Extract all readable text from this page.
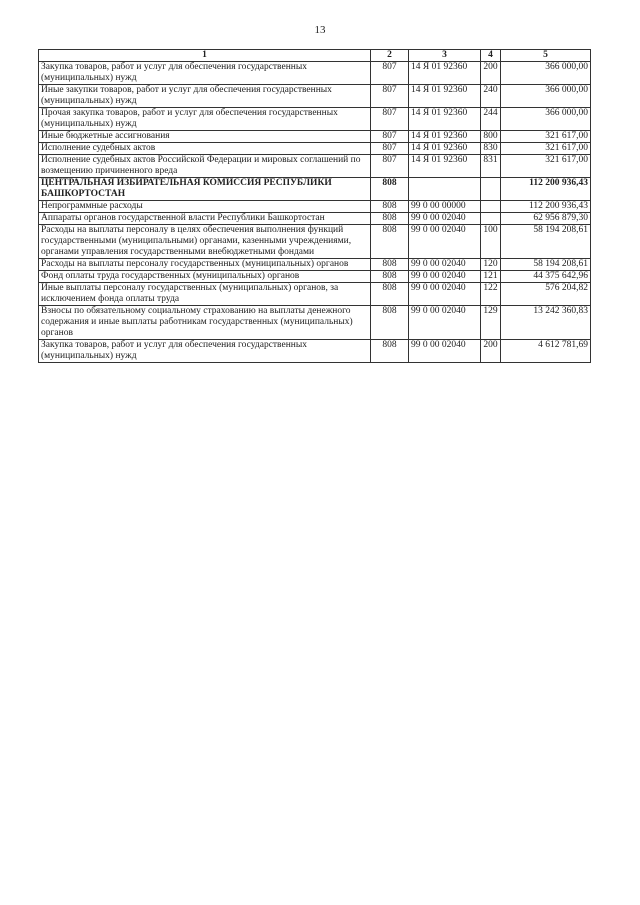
13
1	2	3	4	5
Закупка товаров, работ и услуг для обеспечения государственных (муниципальных) нужд	807	14 Я 01 92360	200	366 000,00
Иные закупки товаров, работ и услуг для обеспечения государственных (муниципальных) нужд	807	14 Я 01 92360	240	366 000,00
Прочая закупка товаров, работ и услуг для обеспечения государственных (муниципальных) нужд	807	14 Я 01 92360	244	366 000,00
Иные бюджетные ассигнования	807	14 Я 01 92360	800	321 617,00
Исполнение судебных актов	807	14 Я 01 92360	830	321 617,00
Исполнение судебных актов Российской Федерации и мировых соглашений по возмещению причиненного вреда	807	14 Я 01 92360	831	321 617,00
ЦЕНТРАЛЬНАЯ ИЗБИРАТЕЛЬНАЯ КОМИССИЯ РЕСПУБЛИКИ БАШКОРТОСТАН	808			112 200 936,43
Непрограммные расходы	808	99 0 00 00000		112 200 936,43
Аппараты органов государственной власти Республики Башкортостан	808	99 0 00 02040		62 956 879,30
Расходы на выплаты персоналу в целях обеспечения выполнения функций государственными (муниципальными) органами, казенными учреждениями, органами управления государственными внебюджетными фондами	808	99 0 00 02040	100	58 194 208,61
Расходы на выплаты персоналу государственных (муниципальных) органов	808	99 0 00 02040	120	58 194 208,61
Фонд оплаты труда государственных (муниципальных) органов	808	99 0 00 02040	121	44 375 642,96
Иные выплаты персоналу государственных (муниципальных) органов, за исключением фонда оплаты труда	808	99 0 00 02040	122	576 204,82
Взносы по обязательному социальному страхованию на выплаты денежного содержания и иные выплаты работникам государственных (муниципальных) органов	808	99 0 00 02040	129	13 242 360,83
Закупка товаров, работ и услуг для обеспечения государственных (муниципальных) нужд	808	99 0 00 02040	200	4 612 781,69
